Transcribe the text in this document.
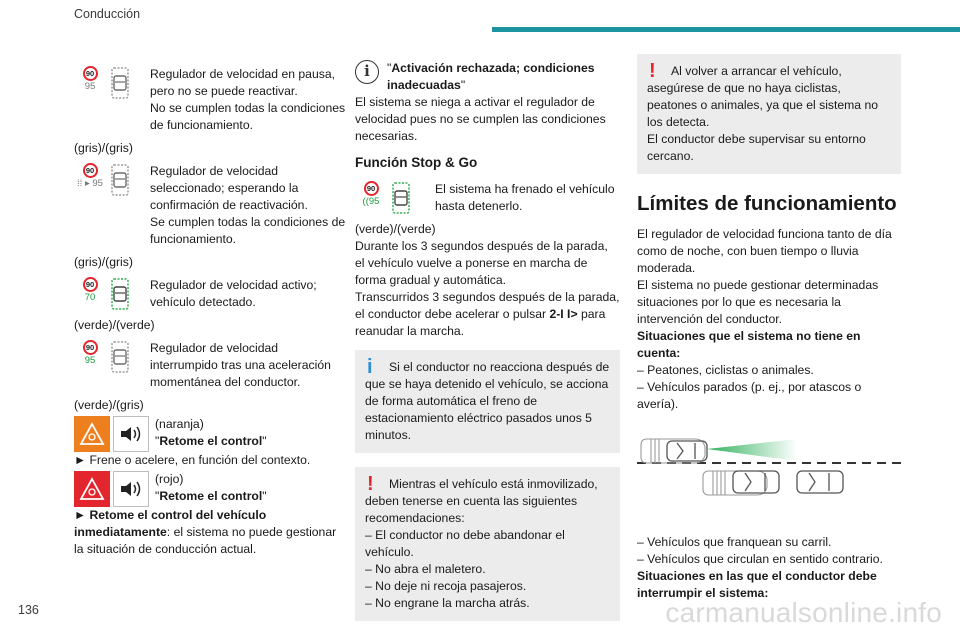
Conducción
90
95
Regulador de velocidad en pausa, pero no se puede reactivar.
No se cumplen todas la condiciones de funcionamiento.
(gris)/(gris)
90
⁞⁞ ▸ 95
Regulador de velocidad seleccionado; esperando la confirmación de reactivación.
Se cumplen todas la condiciones de funcionamiento.
(gris)/(gris)
90
70
Regulador de velocidad activo; vehículo detectado.
(verde)/(verde)
90
95
Regulador de velocidad interrumpido tras una aceleración momentánea del conductor.
(verde)/(gris)
(naranja)
"Retome el control"
► Frene o acelere, en función del contexto.
(rojo)
"Retome el control"
► Retome el control del vehículo inmediatamente: el sistema no puede gestionar la situación de conducción actual.
i	"Activación rechazada; condiciones inadecuadas"
El sistema se niega a activar el regulador de velocidad pues no se cumplen las condiciones necesarias.
Función Stop & Go
90
((95
El sistema ha frenado el vehículo hasta detenerlo.
(verde)/(verde)
Durante los 3 segundos después de la parada, el vehículo vuelve a ponerse en marcha de forma gradual y automática.
Transcurridos 3 segundos después de la parada, el conductor debe acelerar o pulsar 2-I I> para reanudar la marcha.
i	Si el conductor no reacciona después de que se haya detenido el vehículo, se acciona de forma automática el freno de estacionamiento eléctrico pasados unos 5 minutos.
!	Mientras el vehículo está inmovilizado, deben tenerse en cuenta las siguientes recomendaciones:
– El conductor no debe abandonar el vehículo.
– No abra el maletero.
– No deje ni recoja pasajeros.
– No engrane la marcha atrás.
!	Al volver a arrancar el vehículo, asegúrese de que no haya ciclistas, peatones o animales, ya que el sistema no los detecta.
El conductor debe supervisar su entorno cercano.
Límites de funcionamiento
El regulador de velocidad funciona tanto de día como de noche, con buen tiempo o lluvia moderada.
El sistema no puede gestionar determinadas situaciones por lo que es necesaria la intervención del conductor.
Situaciones que el sistema no tiene en cuenta:
– Peatones, ciclistas o animales.
– Vehículos parados (p. ej., por atascos o avería).
– Vehículos que franquean su carril.
– Vehículos que circulan en sentido contrario.
Situaciones en las que el conductor debe interrumpir el sistema:
136	carmanualsonline.info
